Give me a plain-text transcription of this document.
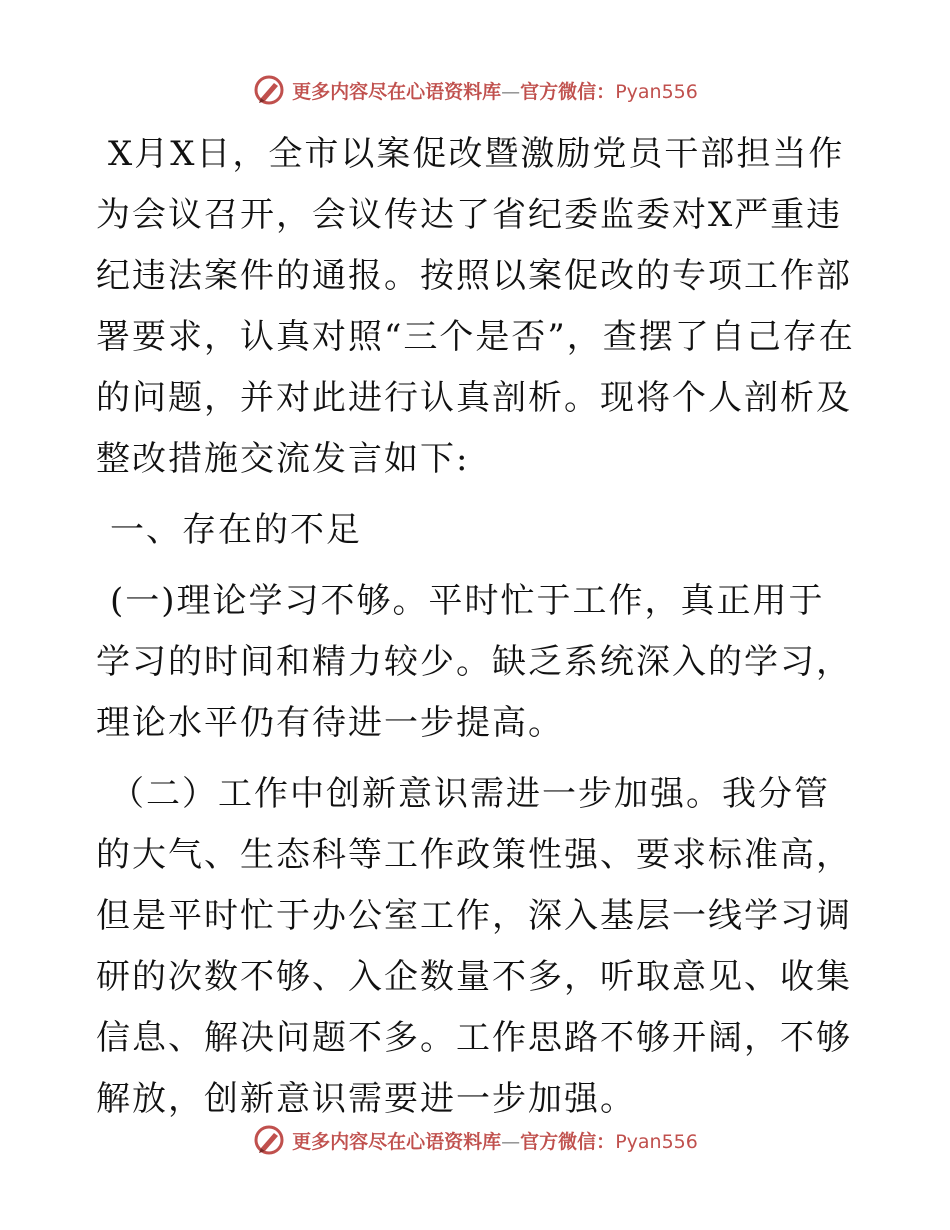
更多内容尽在心语资料库—官方微信：Pyan556

X月X日，全市以案促改暨激励党员干部担当作为会议召开，会议传达了省纪委监委对X严重违纪违法案件的通报。按照以案促改的专项工作部署要求，认真对照“三个是否”，查摆了自己存在的问题，并对此进行认真剖析。现将个人剖析及整改措施交流发言如下:

一、存在的不足

(一)理论学习不够。平时忙于工作，真正用于学习的时间和精力较少。缺乏系统深入的学习，理论水平仍有待进一步提高。

（二）工作中创新意识需进一步加强。我分管的大气、生态科等工作政策性强、要求标准高，但是平时忙于办公室工作，深入基层一线学习调研的次数不够、入企数量不多，听取意见、收集信息、解决问题不多。工作思路不够开阔，不够解放，创新意识需要进一步加强。

更多内容尽在心语资料库—官方微信：Pyan556
